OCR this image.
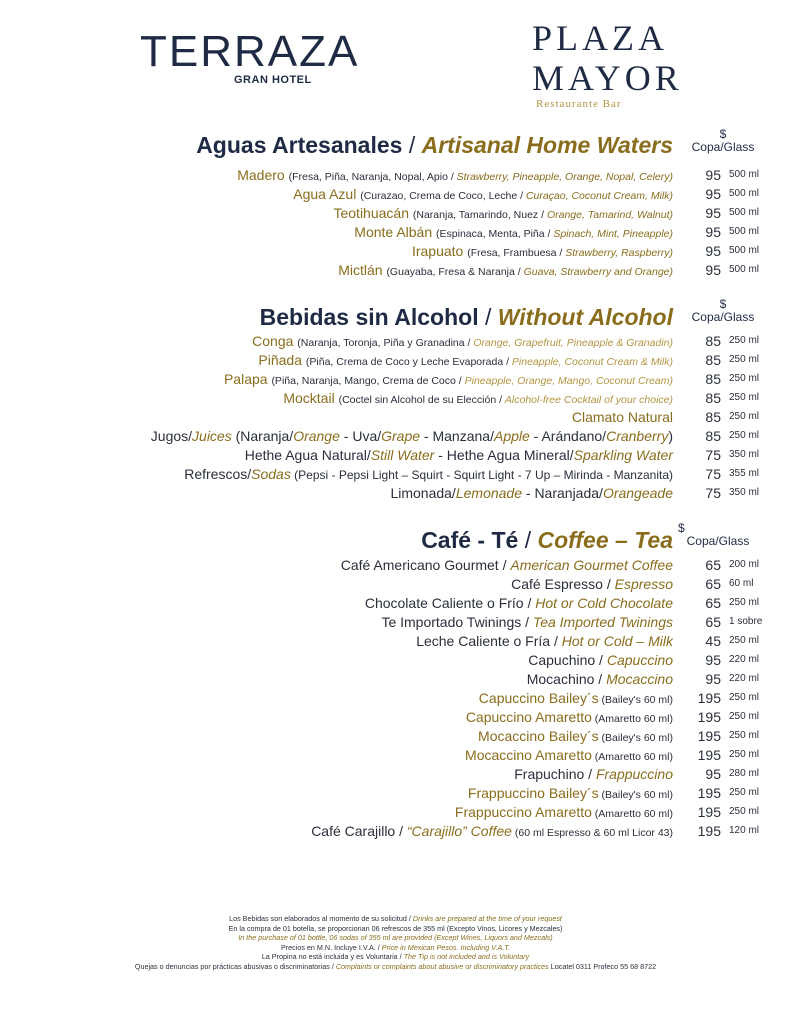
TERRAZA
GRAN HOTEL
PLAZA
MAYOR
Restaurante Bar
Aguas Artesanales / Artisanal Home Waters	$
Copa/Glass
Madero (Fresa, Piña, Naranja, Nopal, Apio / Strawberry, Pineapple, Orange, Nopal, Celery)	95 500 ml
Agua Azul (Curazao, Crema de Coco, Leche / Curaçao, Coconut Cream, Milk)	95 500 ml
Teotihuacán (Naranja, Tamarindo, Nuez / Orange, Tamarind, Walnut)	95 500 ml
Monte Albán (Espinaca, Menta, Piña / Spinach, Mint, Pineapple)	95 500 ml
Irapuato (Fresa, Frambuesa / Strawberry, Raspberry)	95 500 ml
Mictlán (Guayaba, Fresa & Naranja / Guava, Strawberry and Orange)	95 500 ml
Bebidas sin Alcohol / Without Alcohol	$
Copa/Glass
Conga (Naranja, Toronja, Piña y Granadina / Orange, Grapefruit, Pineapple & Granadin)	85 250 ml
Piñada (Piña, Crema de Coco y Leche Evaporada / Pineapple, Coconut Cream & Milk)	85 250 ml
Palapa (Piña, Naranja, Mango, Crema de Coco / Pineapple, Orange, Mango, Coconut Cream)	85 250 ml
Mocktail (Coctel sin Alcohol de su Elección / Alcohol-free Cocktail of your choice)	85 250 ml
Clamato Natural	85 250 ml
Jugos/Juices (Naranja/Orange - Uva/Grape - Manzana/Apple - Arándano/Cranberry)	85 250 ml
Hethe Agua Natural/Still Water - Hethe Agua Mineral/Sparkling Water	75 350 ml
Refrescos/Sodas (Pepsi - Pepsi Light – Squirt - Squirt Light - 7 Up – Mirinda - Manzanita)	75 355 ml
Limonada/Lemonade - Naranjada/Orangeade	75 350 ml
Café - Té / Coffee – Tea $
Copa/Glass
Café Americano Gourmet / American Gourmet Coffee	65 200 ml
Café Espresso / Espresso	65 60 ml
Chocolate Caliente o Frío / Hot or Cold Chocolate	65 250 ml
Te Importado Twinings / Tea Imported Twinings	65 1 sobre
Leche Caliente o Fría / Hot or Cold – Milk	45 250 ml
Capuchino / Capuccino	95 220 ml
Mocachino / Mocaccino	95 220 ml
Capuccino Bailey´s (Bailey's 60 ml) 195 250 ml
Capuccino Amaretto (Amaretto 60 ml) 195 250 ml
Mocaccino Bailey´s (Bailey's 60 ml) 195 250 ml
Mocaccino Amaretto (Amaretto 60 ml) 195 250 ml
Frapuchino / Frappuccino	95 280 ml
Frappuccino Bailey´s (Bailey's 60 ml) 195 250 ml
Frappuccino Amaretto (Amaretto 60 ml) 195 250 ml
Café Carajillo / “Carajillo” Coffee (60 ml Espresso & 60 ml Licor 43) 195 120 ml
Los Bebidas son elaborados al momento de su solicitud / Drinks are prepared at the time of your request
En la compra de 01 botella, se proporcionan 06 refrescos de 355 ml (Excepto Vinos, Licores y Mezcales)
In the purchase of 01 bottle, 06 sodas of 355 ml are provided (Except Wines, Liquors and Mezcals)
Precios en M.N. Incluye I.V.A. / Price in Mexican Pesos. Including V.A.T.
La Propina no está incluida y es Voluntaria / The Tip is not included and is Voluntary
Quejas o denuncias por prácticas abusivas o discriminatorias / Complaints or complaints about abusive or discriminatory practices Locatel 0311 Profeco 55 68 8722
